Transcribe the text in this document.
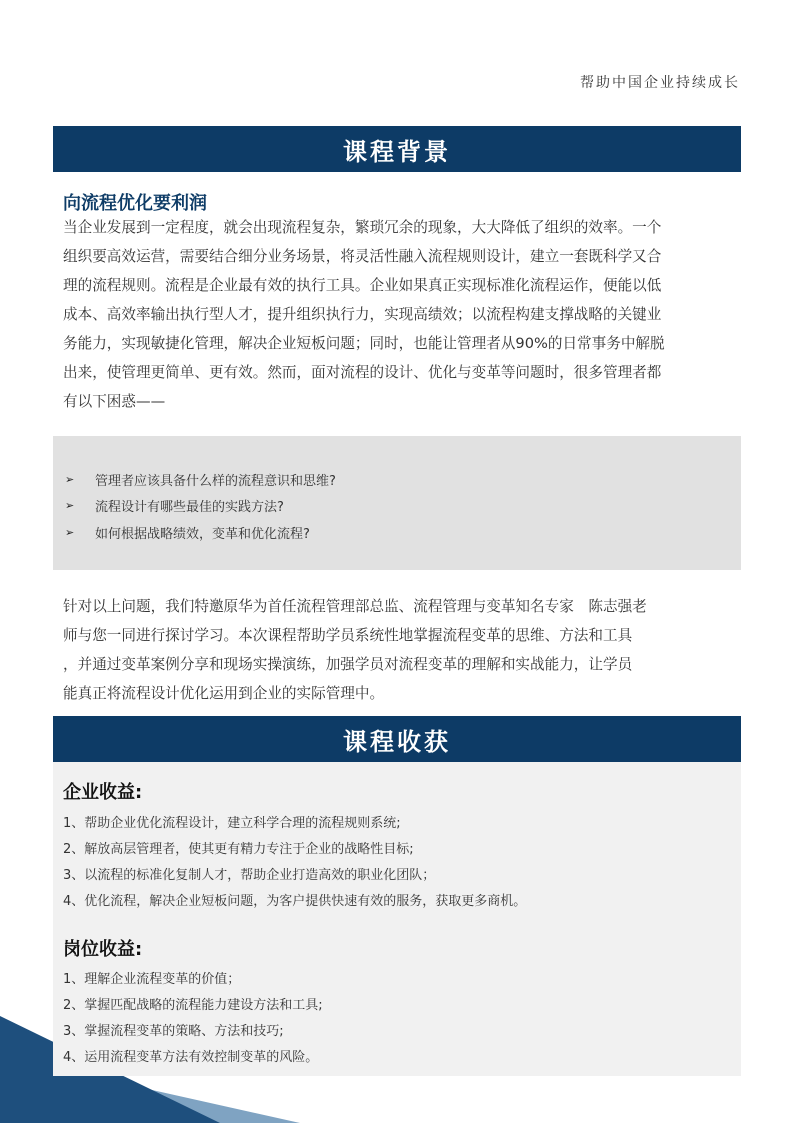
帮助中国企业持续成长
课程背景
向流程优化要利润

当企业发展到一定程度，就会出现流程复杂，繁琐冗余的现象，大大降低了组织的效率。一个
组织要高效运营，需要结合细分业务场景，将灵活性融入流程规则设计，建立一套既科学又合
理的流程规则。流程是企业最有效的执行工具。企业如果真正实现标准化流程运作，便能以低
成本、高效率输出执行型人才，提升组织执行力，实现高绩效；以流程构建支撑战略的关键业
务能力，实现敏捷化管理，解决企业短板问题；同时，也能让管理者从90%的日常事务中解脱
出来，使管理更简单、更有效。然而，面对流程的设计、优化与变革等问题时，很多管理者都
有以下困惑——

➢	管理者应该具备什么样的流程意识和思维?
➢	流程设计有哪些最佳的实践方法?
➢	如何根据战略绩效，变革和优化流程?

针对以上问题，我们特邀原华为首任流程管理部总监、流程管理与变革知名专家　陈志强老
师与您一同进行探讨学习。本次课程帮助学员系统性地掌握流程变革的思维、方法和工具
，并通过变革案例分享和现场实操演练，加强学员对流程变革的理解和实战能力，让学员
能真正将流程设计优化运用到企业的实际管理中。

课程收获
企业收益:
1、帮助企业优化流程设计，建立科学合理的流程规则系统;
2、解放高层管理者，使其更有精力专注于企业的战略性目标;
3、以流程的标准化复制人才，帮助企业打造高效的职业化团队；
4、优化流程，解决企业短板问题，为客户提供快速有效的服务，获取更多商机。
岗位收益:
1、理解企业流程变革的价值；
2、掌握匹配战略的流程能力建设方法和工具;
3、掌握流程变革的策略、方法和技巧;
4、运用流程变革方法有效控制变革的风险。
